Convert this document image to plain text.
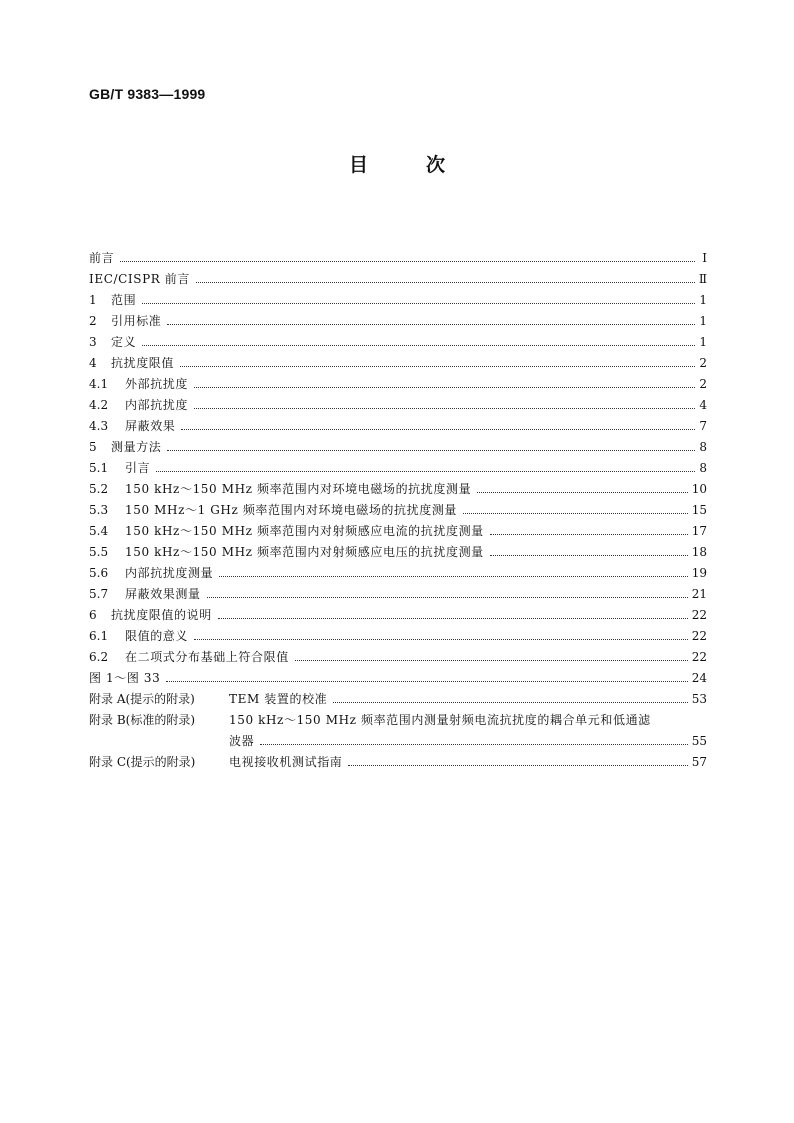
GB/T 9383—1999
目	次
前言	Ⅰ
IEC/CISPR 前言	Ⅱ
1	范围	1
2	引用标准	1
3	定义	1
4	抗扰度限值	2
4.1	外部抗扰度	2
4.2	内部抗扰度	4
4.3	屏蔽效果	7
5	测量方法	8
5.1	引言	8
5.2	150 kHz～150 MHz 频率范围内对环境电磁场的抗扰度测量	10
5.3	150 MHz～1 GHz 频率范围内对环境电磁场的抗扰度测量	15
5.4	150 kHz～150 MHz 频率范围内对射频感应电流的抗扰度测量	17
5.5	150 kHz～150 MHz 频率范围内对射频感应电压的抗扰度测量	18
5.6	内部抗扰度测量	19
5.7	屏蔽效果测量	21
6	抗扰度限值的说明	22
6.1	限值的意义	22
6.2	在二项式分布基础上符合限值	22
图 1～图 33	24
附录 A(提示的附录)	TEM 装置的校准	53
附录 B(标准的附录)	150 kHz～150 MHz 频率范围内测量射频电流抗扰度的耦合单元和低通滤
波器	55
附录 C(提示的附录)	电视接收机测试指南	57
